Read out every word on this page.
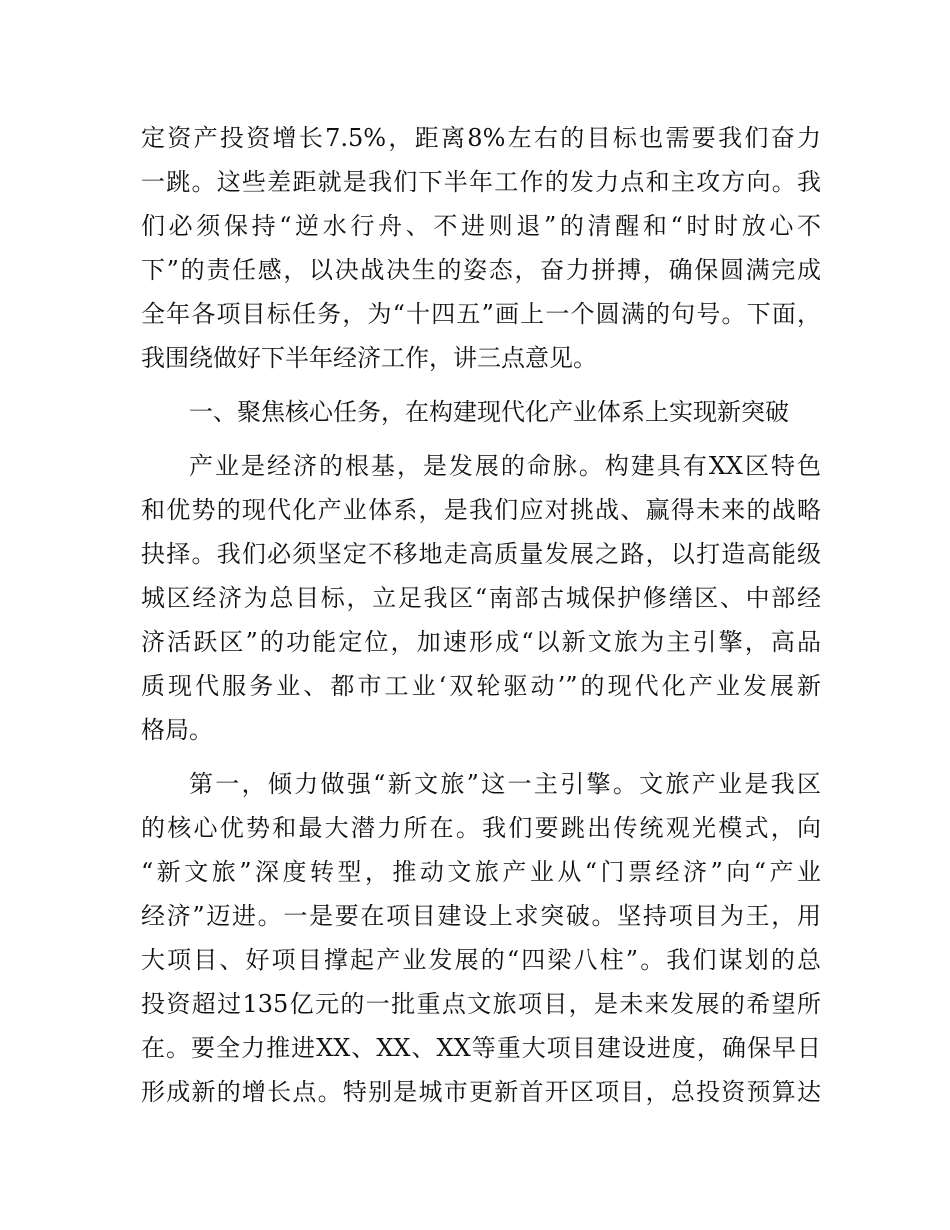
定资产投资增长7.5%，距离8%左右的目标也需要我们奋力
一跳。这些差距就是我们下半年工作的发力点和主攻方向。我
们必须保持“逆水行舟、不进则退”的清醒和“时时放心不
下”的责任感，以决战决生的姿态，奋力拼搏，确保圆满完成
全年各项目标任务，为“十四五”画上一个圆满的句号。下面，
我围绕做好下半年经济工作，讲三点意见。
一、聚焦核心任务，在构建现代化产业体系上实现新突破
产业是经济的根基，是发展的命脉。构建具有XX区特色
和优势的现代化产业体系，是我们应对挑战、赢得未来的战略
抉择。我们必须坚定不移地走高质量发展之路，以打造高能级
城区经济为总目标，立足我区“南部古城保护修缮区、中部经
济活跃区”的功能定位，加速形成“以新文旅为主引擎，高品
质现代服务业、都市工业‘双轮驱动’”的现代化产业发展新
格局。
第一，倾力做强“新文旅”这一主引擎。文旅产业是我区
的核心优势和最大潜力所在。我们要跳出传统观光模式，向
“新文旅”深度转型，推动文旅产业从“门票经济”向“产业
经济”迈进。一是要在项目建设上求突破。坚持项目为王，用
大项目、好项目撑起产业发展的“四梁八柱”。我们谋划的总
投资超过135亿元的一批重点文旅项目，是未来发展的希望所
在。要全力推进XX、XX、XX等重大项目建设进度，确保早日
形成新的增长点。特别是城市更新首开区项目，总投资预算达
